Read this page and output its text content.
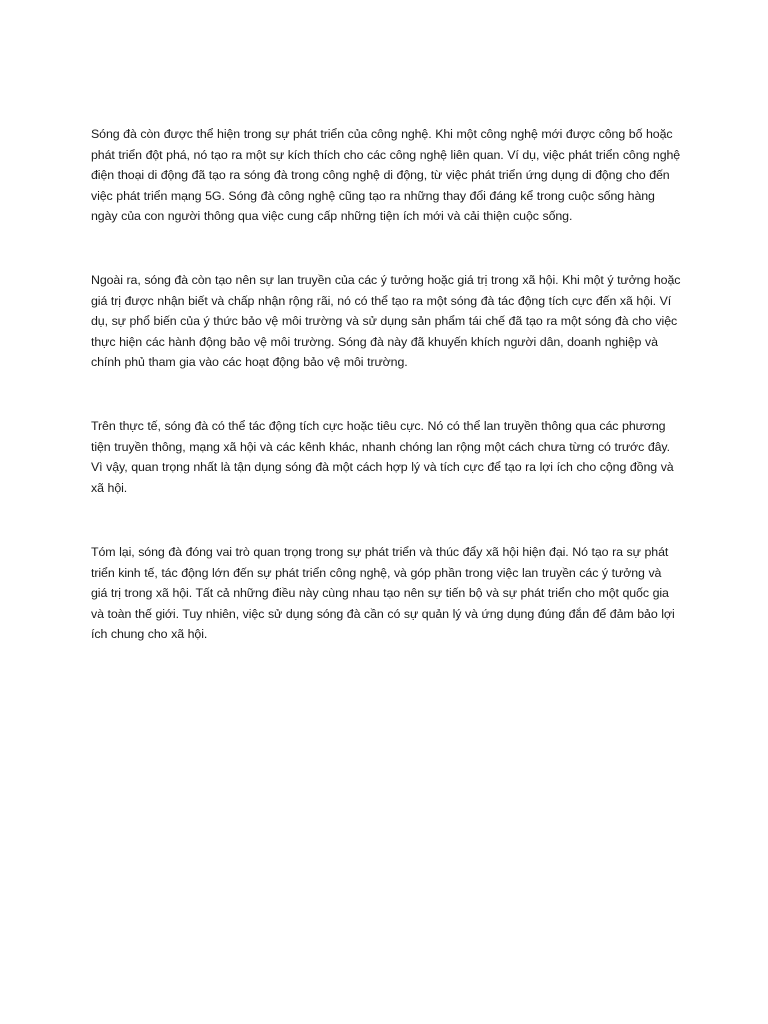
Sóng đà còn được thể hiện trong sự phát triển của công nghệ. Khi một công nghệ mới được công bố hoặc phát triển đột phá, nó tạo ra một sự kích thích cho các công nghệ liên quan. Ví dụ, việc phát triển công nghệ điện thoại di động đã tạo ra sóng đà trong công nghệ di động, từ việc phát triển ứng dụng di động cho đến việc phát triển mạng 5G. Sóng đà công nghệ cũng tạo ra những thay đổi đáng kể trong cuộc sống hàng ngày của con người thông qua việc cung cấp những tiện ích mới và cải thiện cuộc sống.

Ngoài ra, sóng đà còn tạo nên sự lan truyền của các ý tưởng hoặc giá trị trong xã hội. Khi một ý tưởng hoặc giá trị được nhận biết và chấp nhận rộng rãi, nó có thể tạo ra một sóng đà tác động tích cực đến xã hội. Ví dụ, sự phổ biến của ý thức bảo vệ môi trường và sử dụng sản phẩm tái chế đã tạo ra một sóng đà cho việc thực hiện các hành động bảo vệ môi trường. Sóng đà này đã khuyến khích người dân, doanh nghiệp và chính phủ tham gia vào các hoạt động bảo vệ môi trường.

Trên thực tế, sóng đà có thể tác động tích cực hoặc tiêu cực. Nó có thể lan truyền thông qua các phương tiện truyền thông, mạng xã hội và các kênh khác, nhanh chóng lan rộng một cách chưa từng có trước đây. Vì vậy, quan trọng nhất là tận dụng sóng đà một cách hợp lý và tích cực để tạo ra lợi ích cho cộng đồng và xã hội.

Tóm lại, sóng đà đóng vai trò quan trọng trong sự phát triển và thúc đẩy xã hội hiện đại. Nó tạo ra sự phát triển kinh tế, tác động lớn đến sự phát triển công nghệ, và góp phần trong việc lan truyền các ý tưởng và giá trị trong xã hội. Tất cả những điều này cùng nhau tạo nên sự tiến bộ và sự phát triển cho một quốc gia và toàn thế giới. Tuy nhiên, việc sử dụng sóng đà cần có sự quản lý và ứng dụng đúng đắn để đảm bảo lợi ích chung cho xã hội.
